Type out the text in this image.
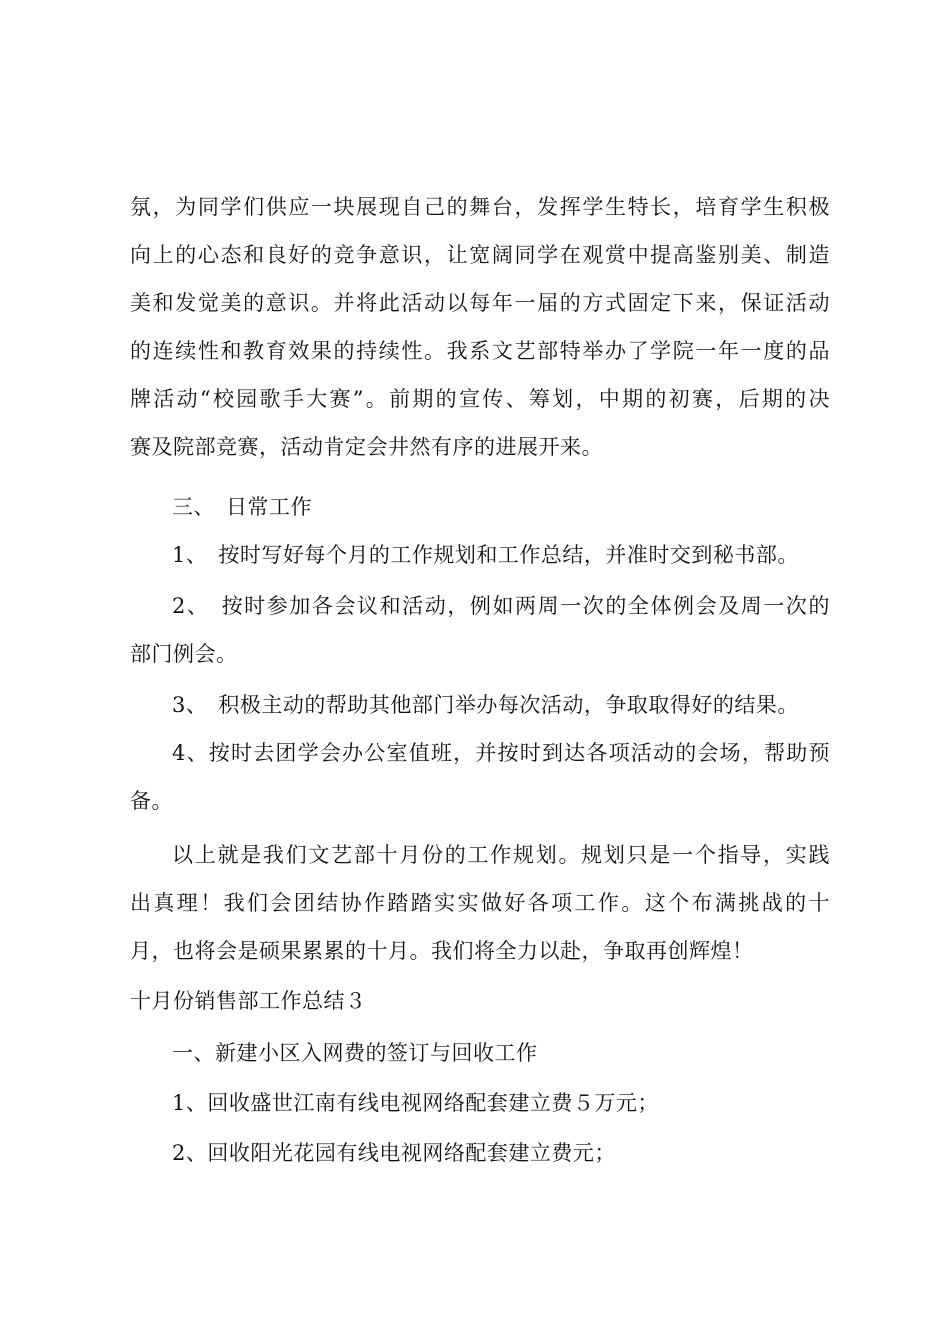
氛，为同学们供应一块展现自己的舞台，发挥学生特长，培育学生积极
向上的心态和良好的竞争意识，让宽阔同学在观赏中提高鉴别美、制造
美和发觉美的意识。并将此活动以每年一届的方式固定下来，保证活动
的连续性和教育效果的持续性。我系文艺部特举办了学院一年一度的品
牌活动“校园歌手大赛”。前期的宣传、筹划，中期的初赛，后期的决
赛及院部竞赛，活动肯定会井然有序的进展开来。
三、　日常工作
1、　按时写好每个月的工作规划和工作总结，并准时交到秘书部。
2、　按时参加各会议和活动，例如两周一次的全体例会及周一次的
部门例会。
3、　积极主动的帮助其他部门举办每次活动，争取取得好的结果。
4、按时去团学会办公室值班，并按时到达各项活动的会场，帮助预
备。
以上就是我们文艺部十月份的工作规划。规划只是一个指导，实践
出真理！我们会团结协作踏踏实实做好各项工作。这个布满挑战的十
月，也将会是硕果累累的十月。我们将全力以赴，争取再创辉煌！
十月份销售部工作总结３
一、新建小区入网费的签订与回收工作
1、回收盛世江南有线电视网络配套建立费５万元；
2、回收阳光花园有线电视网络配套建立费元；
